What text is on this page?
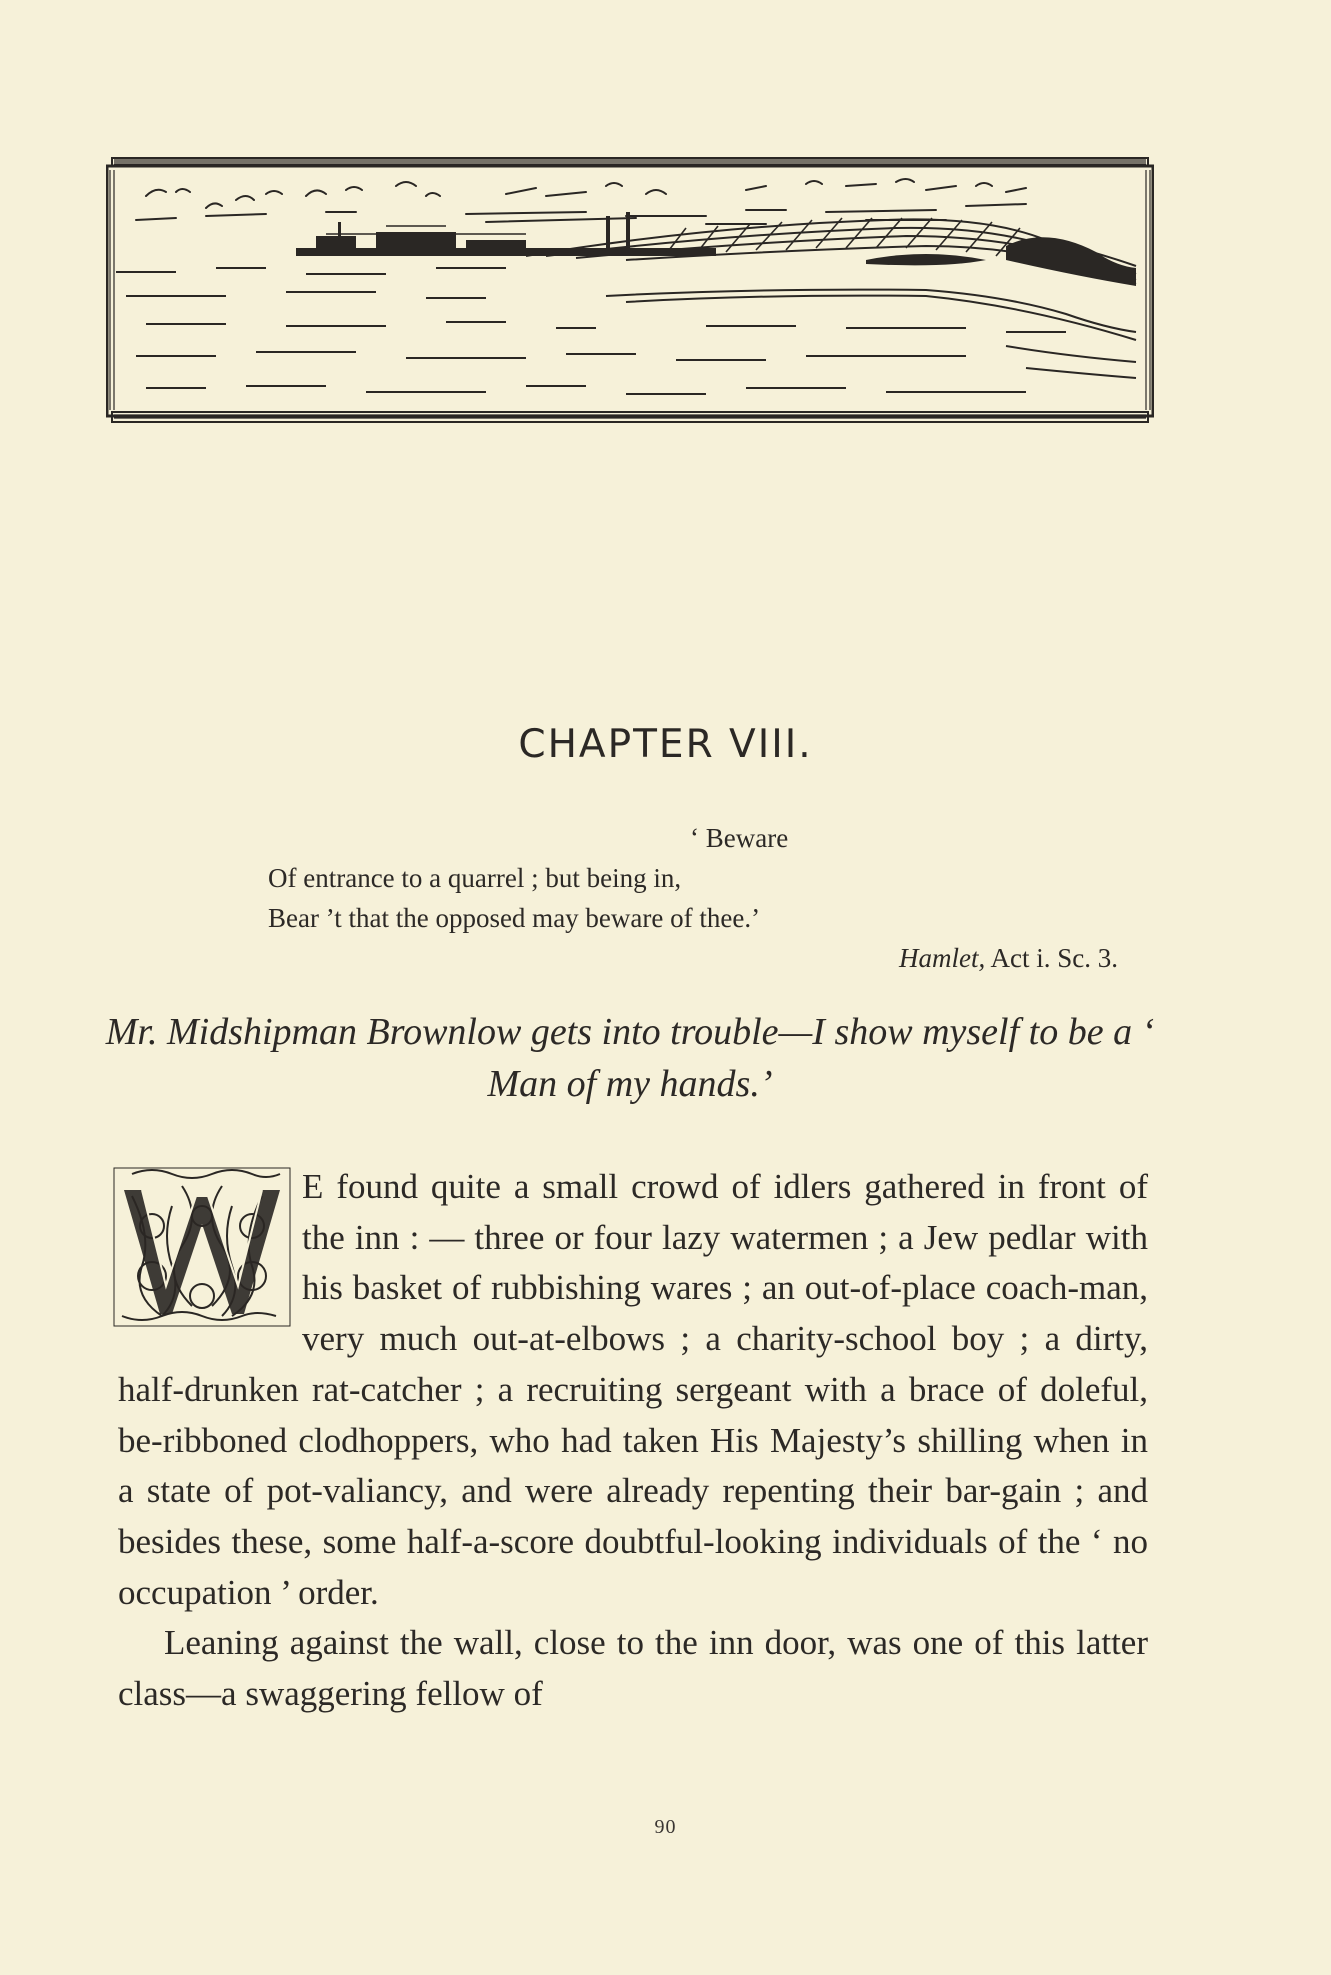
CHAPTER VIII.
‘ Beware
Of entrance to a quarrel ; but being in,
Bear ’t that the opposed may beware of thee.’
Hamlet, Act i. Sc. 3.
Mr. Midshipman Brownlow gets into trouble—I show myself to be a ‘ Man of my hands.’

E found quite a small crowd of idlers gathered in front of the inn : — three or four lazy watermen ; a Jew pedlar with his basket of rubbishing wares ; an out-of-place coach-man, very much out-at-elbows ; a charity-school boy ; a dirty, half-drunken rat-catcher ; a recruiting sergeant with a brace of doleful, be-ribboned clodhoppers, who had taken His Majesty’s shilling when in a state of pot-valiancy, and were already repenting their bar-gain ; and besides these, some half-a-score doubtful-looking individuals of the ‘ no occupation ’ order.

Leaning against the wall, close to the inn door, was one of this latter class—a swaggering fellow of

90
